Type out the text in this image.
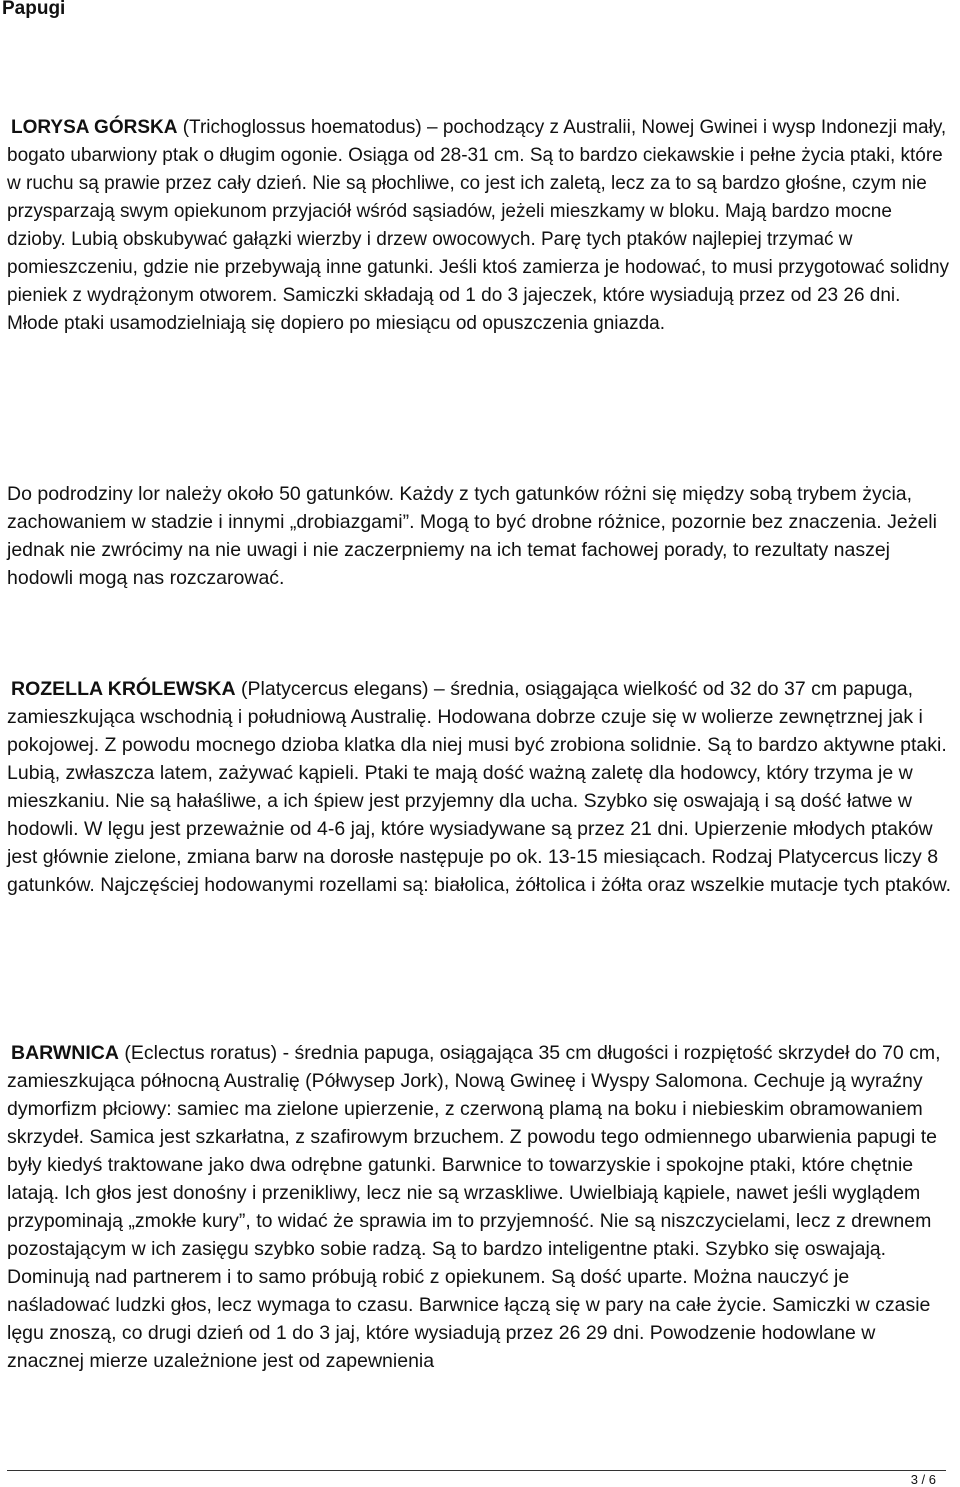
Papugi

LORYSA GÓRSKA (Trichoglossus hoematodus) – pochodzący z Australii, Nowej Gwinei i wysp Indonezji mały, bogato ubarwiony ptak o długim ogonie. Osiąga od 28-31 cm. Są to bardzo ciekawskie i pełne życia ptaki, które w ruchu są prawie przez cały dzień. Nie są płochliwe, co jest ich zaletą, lecz za to są bardzo głośne, czym nie przysparzają swym opiekunom przyjaciół wśród sąsiadów, jeżeli mieszkamy w bloku. Mają bardzo mocne dzioby. Lubią obskubywać gałązki wierzby i drzew owocowych. Parę tych ptaków najlepiej trzymać w pomieszczeniu, gdzie nie przebywają inne gatunki. Jeśli ktoś zamierza je hodować, to musi przygotować solidny pieniek z wydrążonym otworem. Samiczki składają od 1 do 3 jajeczek, które wysiadują przez od 23 26 dni. Młode ptaki usamodzielniają się dopiero po miesiącu od opuszczenia gniazda.

Do podrodziny lor należy około 50 gatunków. Każdy z tych gatunków różni się między sobą trybem życia, zachowaniem w stadzie i innymi „drobiazgami”. Mogą to być drobne różnice, pozornie bez znaczenia. Jeżeli jednak nie zwrócimy na nie uwagi i nie zaczerpniemy na ich temat fachowej porady, to rezultaty naszej hodowli mogą nas rozczarować.

ROZELLA KRÓLEWSKA (Platycercus elegans) – średnia, osiągająca wielkość od 32 do 37 cm papuga, zamieszkująca wschodnią i południową Australię. Hodowana dobrze czuje się w wolierze zewnętrznej jak i pokojowej. Z powodu mocnego dzioba klatka dla niej musi być zrobiona solidnie. Są to bardzo aktywne ptaki. Lubią, zwłaszcza latem, zażywać kąpieli. Ptaki te mają dość ważną zaletę dla hodowcy, który trzyma je w mieszkaniu. Nie są hałaśliwe, a ich śpiew jest przyjemny dla ucha. Szybko się oswajają i są dość łatwe w hodowli. W lęgu jest przeważnie od 4-6 jaj, które wysiadywane są przez 21 dni. Upierzenie młodych ptaków jest głównie zielone, zmiana barw na dorosłe następuje po ok. 13-15 miesiącach. Rodzaj Platycercus liczy 8 gatunków. Najczęściej hodowanymi rozellami są: białolica, żółtolica i żółta oraz wszelkie mutacje tych ptaków.

BARWNICA (Eclectus roratus) - średnia papuga, osiągająca 35 cm długości i rozpiętość skrzydeł do 70 cm, zamieszkująca północną Australię (Półwysep Jork), Nową Gwineę i Wyspy Salomona. Cechuje ją wyraźny dymorfizm płciowy: samiec ma zielone upierzenie, z czerwoną plamą na boku i niebieskim obramowaniem skrzydeł. Samica jest szkarłatna, z szafirowym brzuchem. Z powodu tego odmiennego ubarwienia papugi te były kiedyś traktowane jako dwa odrębne gatunki. Barwnice to towarzyskie i spokojne ptaki, które chętnie latają. Ich głos jest donośny i przenikliwy, lecz nie są wrzaskliwe. Uwielbiają kąpiele, nawet jeśli wyglądem przypominają „zmokłe kury”, to widać że sprawia im to przyjemność. Nie są niszczycielami, lecz z drewnem pozostającym w ich zasięgu szybko sobie radzą. Są to bardzo inteligentne ptaki. Szybko się oswajają. Dominują nad partnerem i to samo próbują robić z opiekunem. Są dość uparte. Można nauczyć je naśladować ludzki głos, lecz wymaga to czasu. Barwnice łączą się w pary na całe życie. Samiczki w czasie lęgu znoszą, co drugi dzień od 1 do 3 jaj, które wysiadują przez 26 29 dni. Powodzenie hodowlane w znacznej mierze uzależnione jest od zapewnienia

3 / 6
